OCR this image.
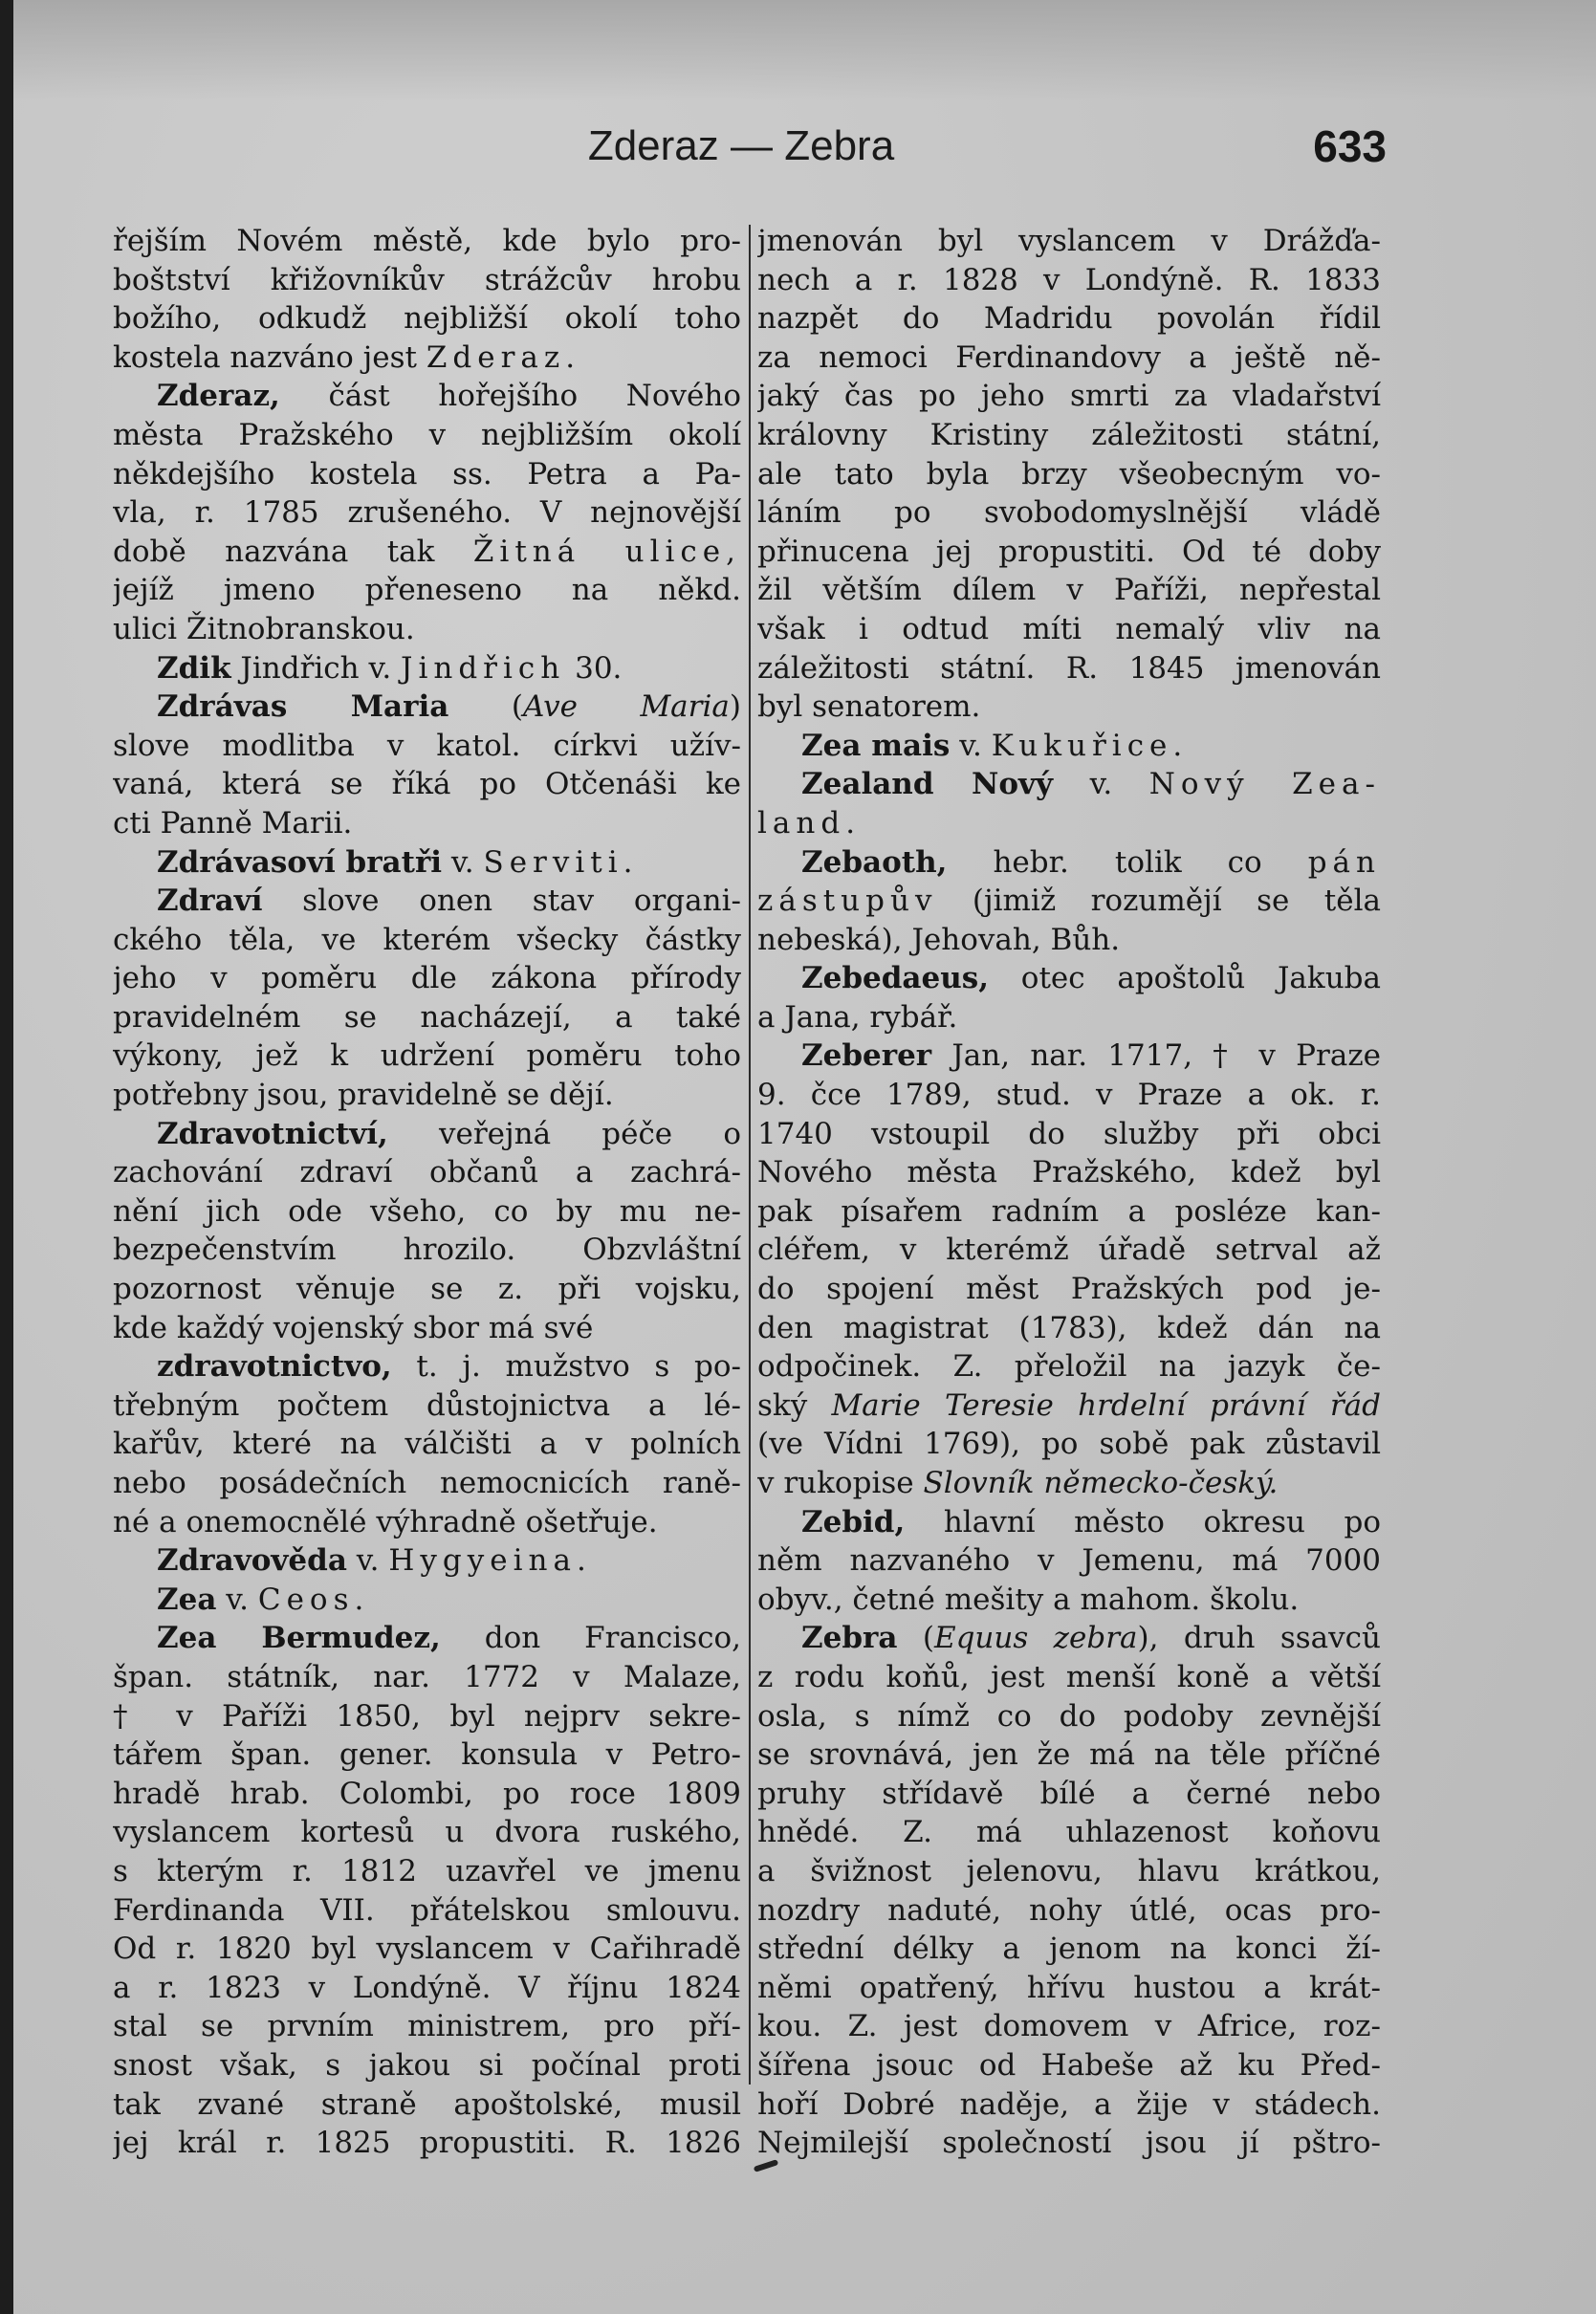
Zderaz — Zebra	633
řejším Novém městě, kde bylo pro-
boštství křižovníkův strážcův hrobu
božího, odkudž nejbližší okolí toho
kostela nazváno jest Zderaz.
Zderaz, část hořejšího Nového
města Pražského v nejbližším okolí
někdejšího kostela ss. Petra a Pa-
vla, r. 1785 zrušeného. V nejnovější
době nazvána tak Žitná ulice,
jejíž jmeno přeneseno na někd.
ulici Žitnobranskou.
Zdik Jindřich v. Jindřich 30.
Zdrávas Maria (Ave Maria)
slove modlitba v katol. církvi užív-
vaná, která se říká po Otčenáši ke
cti Panně Marii.
Zdrávasoví bratři v. Serviti.
Zdraví slove onen stav organi-
ckého těla, ve kterém všecky částky
jeho v poměru dle zákona přírody
pravidelném se nacházejí, a také
výkony, jež k udržení poměru toho
potřebny jsou, pravidelně se dějí.
Zdravotnictví, veřejná péče o
zachování zdraví občanů a zachrá-
nění jich ode všeho, co by mu ne-
bezpečenstvím hrozilo. Obzvláštní
pozornost věnuje se z. při vojsku,
kde každý vojenský sbor má své
zdravotnictvo, t. j. mužstvo s po-
třebným počtem důstojnictva a lé-
kařův, které na válčišti a v polních
nebo posádečních nemocnicích raně-
né a onemocnělé výhradně ošetřuje.
Zdravověda v. Hygyeina.
Zea v. Ceos.
Zea Bermudez, don Francisco,
špan. státník, nar. 1772 v Malaze,
† v Paříži 1850, byl nejprv sekre-
tářem špan. gener. konsula v Petro-
hradě hrab. Colombi, po roce 1809
vyslancem kortesů u dvora ruského,
s kterým r. 1812 uzavřel ve jmenu
Ferdinanda VII. přátelskou smlouvu.
Od r. 1820 byl vyslancem v Cařihradě
a r. 1823 v Londýně. V říjnu 1824
stal se prvním ministrem, pro pří-
snost však, s jakou si počínal proti
tak zvané straně apoštolské, musil
jej král r. 1825 propustiti. R. 1826
jmenován byl vyslancem v Drážďa-
nech a r. 1828 v Londýně. R. 1833
nazpět do Madridu povolán řídil
za nemoci Ferdinandovy a ještě ně-
jaký čas po jeho smrti za vladařství
královny Kristiny záležitosti státní,
ale tato byla brzy všeobecným vo-
láním po svobodomyslnější vládě
přinucena jej propustiti. Od té doby
žil větším dílem v Paříži, nepřestal
však i odtud míti nemalý vliv na
záležitosti státní. R. 1845 jmenován
byl senatorem.
Zea mais v. Kukuřice.
Zealand Nový v. Nový Zea-
land.
Zebaoth, hebr. tolik co pán
zástupův (jimiž rozumějí se těla
nebeská), Jehovah, Bůh.
Zebedaeus, otec apoštolů Jakuba
a Jana, rybář.
Zeberer Jan, nar. 1717, † v Praze
9. čce 1789, stud. v Praze a ok. r.
1740 vstoupil do služby při obci
Nového města Pražského, kdež byl
pak písařem radním a posléze kan-
cléřem, v kterémž úřadě setrval až
do spojení měst Pražských pod je-
den magistrat (1783), kdež dán na
odpočinek. Z. přeložil na jazyk če-
ský Marie Teresie hrdelní právní řád
(ve Vídni 1769), po sobě pak zůstavil
v rukopise Slovník německo-český.
Zebid, hlavní město okresu po
něm nazvaného v Jemenu, má 7000
obyv., četné mešity a mahom. školu.
Zebra (Equus zebra), druh ssavců
z rodu koňů, jest menší koně a větší
osla, s nímž co do podoby zevnější
se srovnává, jen že má na těle příčné
pruhy střídavě bílé a černé nebo
hnědé. Z. má uhlazenost koňovu
a švižnost jelenovu, hlavu krátkou,
nozdry naduté, nohy útlé, ocas pro-
střední délky a jenom na konci ží-
němi opatřený, hřívu hustou a krát-
kou. Z. jest domovem v Africe, roz-
šířena jsouc od Habeše až ku Před-
hoří Dobré naděje, a žije v stádech.
Nejmilejší společností jsou jí pštro-
